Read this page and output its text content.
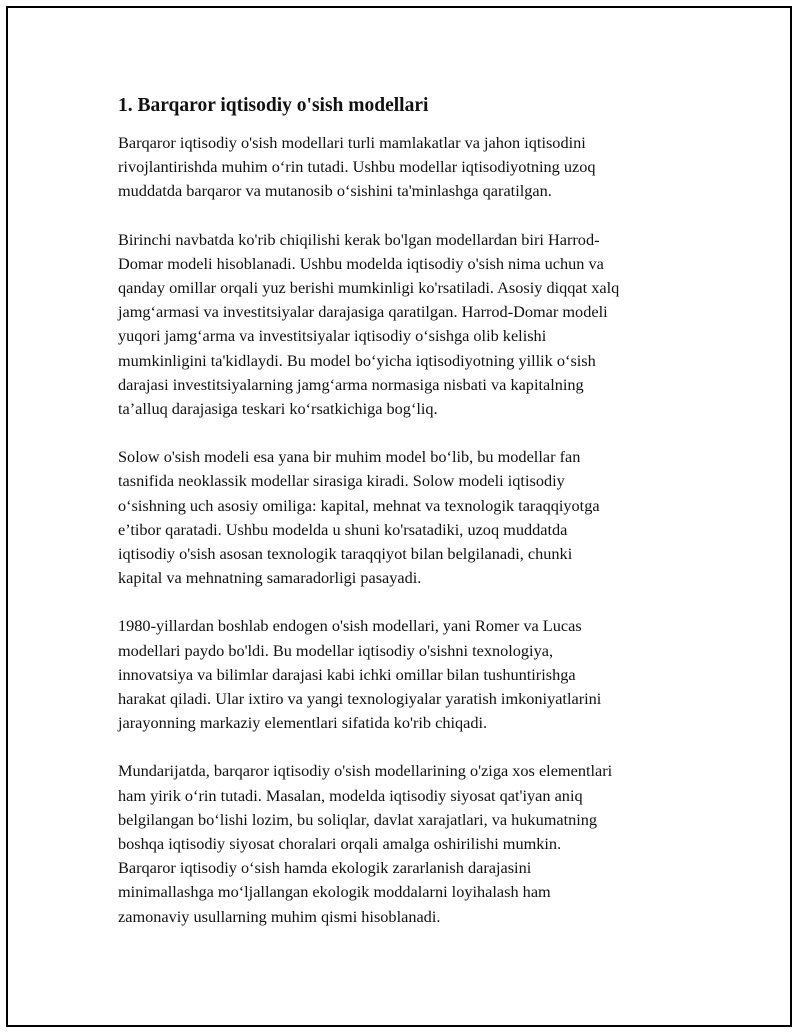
1. Barqaror iqtisodiy o's​ish modellari
Barqaror iqtisodiy o's​ish modellari turli mamlakatlar va jahon iqtisodini
rivojlantirishda muhim o‘rin tutadi. Ushbu modellar iqtisodiyotning uzoq
muddatda barqaror va mutanosib o‘sishini ta'minlashga qaratilgan.
Birinchi navbatda ko'rib chiqilishi kerak bo'lgan modellardan biri Harrod-
Domar modeli hisoblanadi. Ushbu modelda iqtisodiy o's​ish nima uchun va
qanday omillar orqali yuz berishi mumkinligi ko'rsatiladi. Asosiy diqqat xalq
jamg‘armasi va investitsiyalar darajasiga qaratilgan. Harrod-Domar modeli
yuqori jamg‘arma va investitsiyalar iqtisodiy o‘sishga olib kelishi
mumkinligini ta'kidlaydi. Bu model bo‘yicha iqtisodiyotning yillik o‘sish
darajasi investitsiyalarning jamg‘arma normasiga nisbati va kapitalning
ta’alluq darajasiga teskari ko‘rsatkichiga bog‘liq.
Solow o's​ish modeli esa yana bir muhim model bo‘lib, bu modellar fan
tasnifida neoklassik modellar sirasiga kiradi. Solow modeli iqtisodiy
o‘sishning uch asosiy omiliga: kapital, mehnat va texnologik taraqqiyotga
e’tibor qaratadi. Ushbu modelda u shuni ko'rsatadiki, uzoq muddatda
iqtisodiy o's​ish asosan texnologik taraqqiyot bilan belgilanadi, chunki
kapital va mehnatning samaradorligi pasayadi.
1980-yillardan boshlab endogen o's​ish modellari, yani Romer va Lucas
modellari paydo bo'ldi. Bu modellar iqtisodiy o's​ishni texnologiya,
innovatsiya va bilimlar darajasi kabi ichki omillar bilan tushuntirishga
harakat qiladi. Ular ixtiro va yangi texnologiyalar yaratish imkoniyatlarini
jarayonning markaziy elementlari sifatida ko'rib chiqadi.
Mundarijatda, barqaror iqtisodiy o's​ish modellarining o'ziga xos elementlari
ham yirik o‘rin tutadi. Masalan, modelda iqtisodiy siyosat qat'iyan aniq
belgilangan bo‘lishi lozim, bu soliqlar, davlat xarajatlari, va hukumatning
boshqa iqtisodiy siyosat choralari orqali amalga oshirilishi mumkin.
Barqaror iqtisodiy o‘sish hamda ekologik zararlanish darajasini
minimallashga mo‘ljallangan ekologik moddalarni loyihalash ham
zamonaviy usullarning muhim qismi hisoblanadi.
